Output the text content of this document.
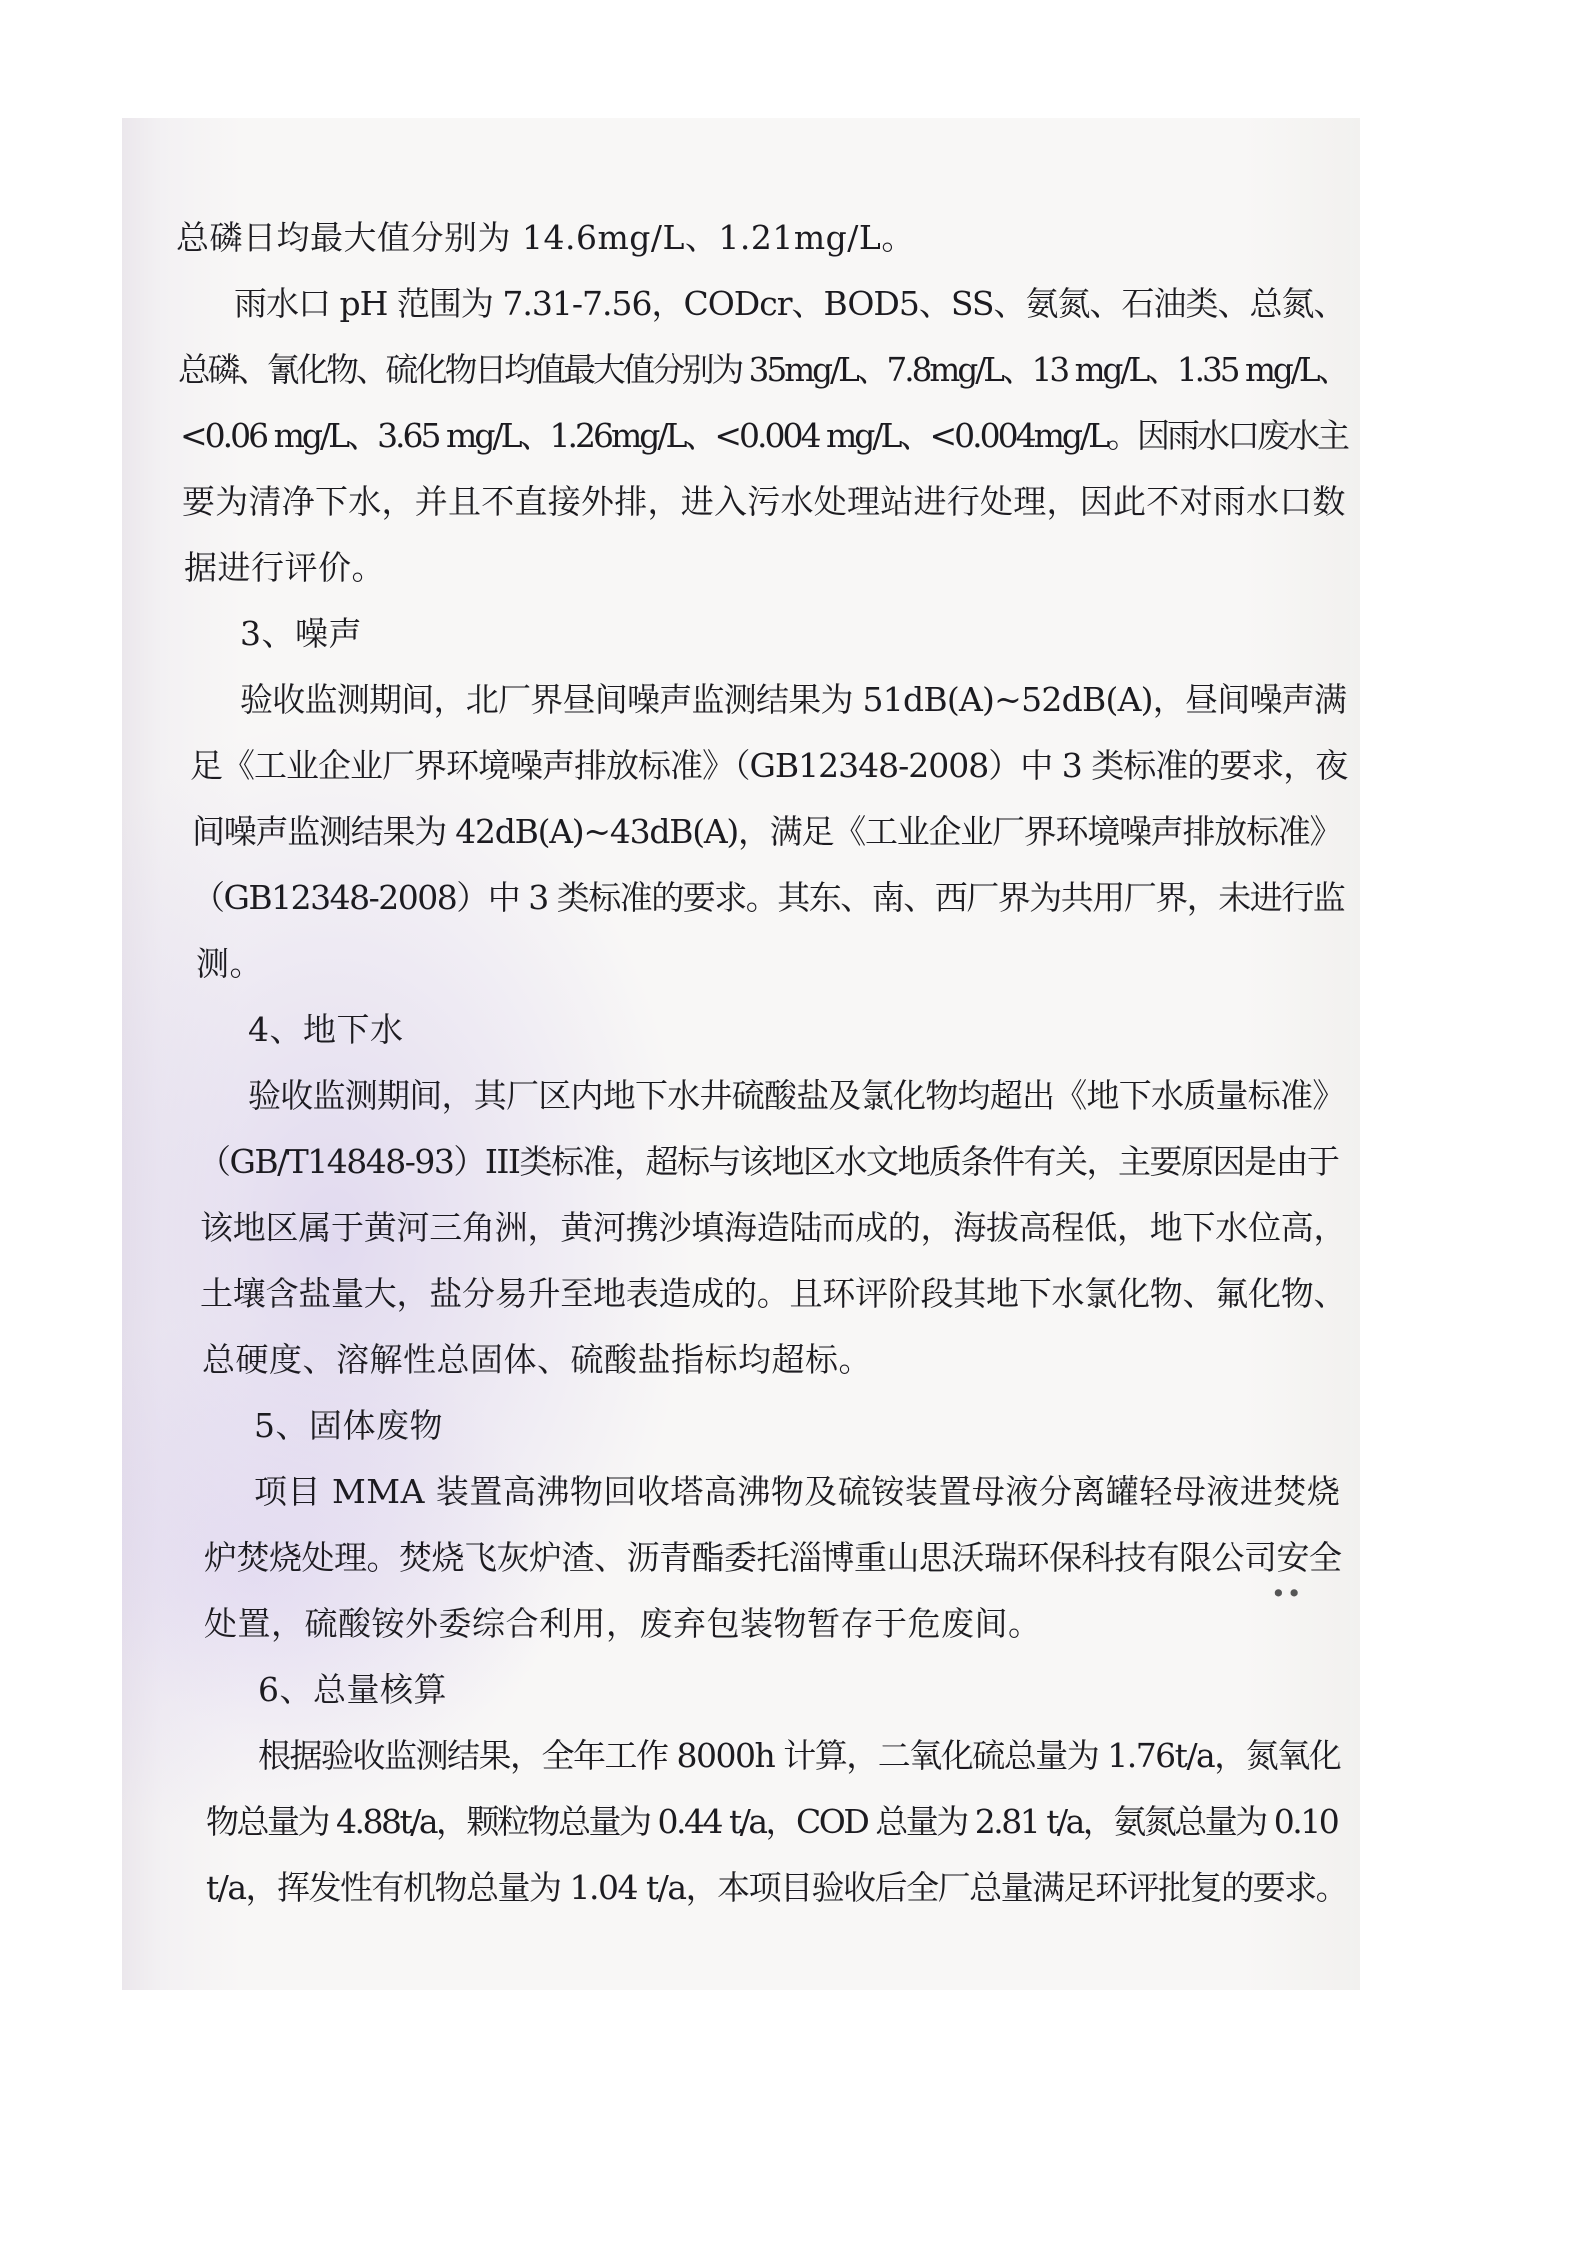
总磷日均最大值分别为 14.6mg/L、1.21mg/L。
雨水口 pH 范围为 7.31-7.56，CODcr、BOD5、SS、氨氮、石油类、总氮、
总磷、氰化物、硫化物日均值最大值分别为 35mg/L、7.8mg/L、13 mg/L、1.35 mg/L、
<0.06 mg/L、3.65 mg/L、1.26mg/L、<0.004 mg/L、<0.004mg/L。因雨水口废水主
要为清净下水，并且不直接外排，进入污水处理站进行处理，因此不对雨水口数
据进行评价。
3、噪声
验收监测期间，北厂界昼间噪声监测结果为 51dB(A)~52dB(A)，昼间噪声满
足《工业企业厂界环境噪声排放标准》（GB12348-2008）中 3 类标准的要求，夜
间噪声监测结果为 42dB(A)~43dB(A)，满足《工业企业厂界环境噪声排放标准》
（GB12348-2008）中 3 类标准的要求。其东、南、西厂界为共用厂界，未进行监
测。
4、地下水
验收监测期间，其厂区内地下水井硫酸盐及氯化物均超出《地下水质量标准》
（GB/T14848-93）III类标准，超标与该地区水文地质条件有关，主要原因是由于
该地区属于黄河三角洲，黄河携沙填海造陆而成的，海拔高程低，地下水位高，
土壤含盐量大，盐分易升至地表造成的。且环评阶段其地下水氯化物、氟化物、
总硬度、溶解性总固体、硫酸盐指标均超标。
5、固体废物
项目 MMA 装置高沸物回收塔高沸物及硫铵装置母液分离罐轻母液进焚烧
炉焚烧处理。焚烧飞灰炉渣、沥青酯委托淄博重山思沃瑞环保科技有限公司安全
处置，硫酸铵外委综合利用，废弃包装物暂存于危废间。
6、总量核算
根据验收监测结果，全年工作 8000h 计算，二氧化硫总量为 1.76t/a，氮氧化
物总量为 4.88t/a，颗粒物总量为 0.44 t/a，COD 总量为 2.81 t/a，氨氮总量为 0.10
t/a，挥发性有机物总量为 1.04 t/a，本项目验收后全厂总量满足环评批复的要求。
∙∙
